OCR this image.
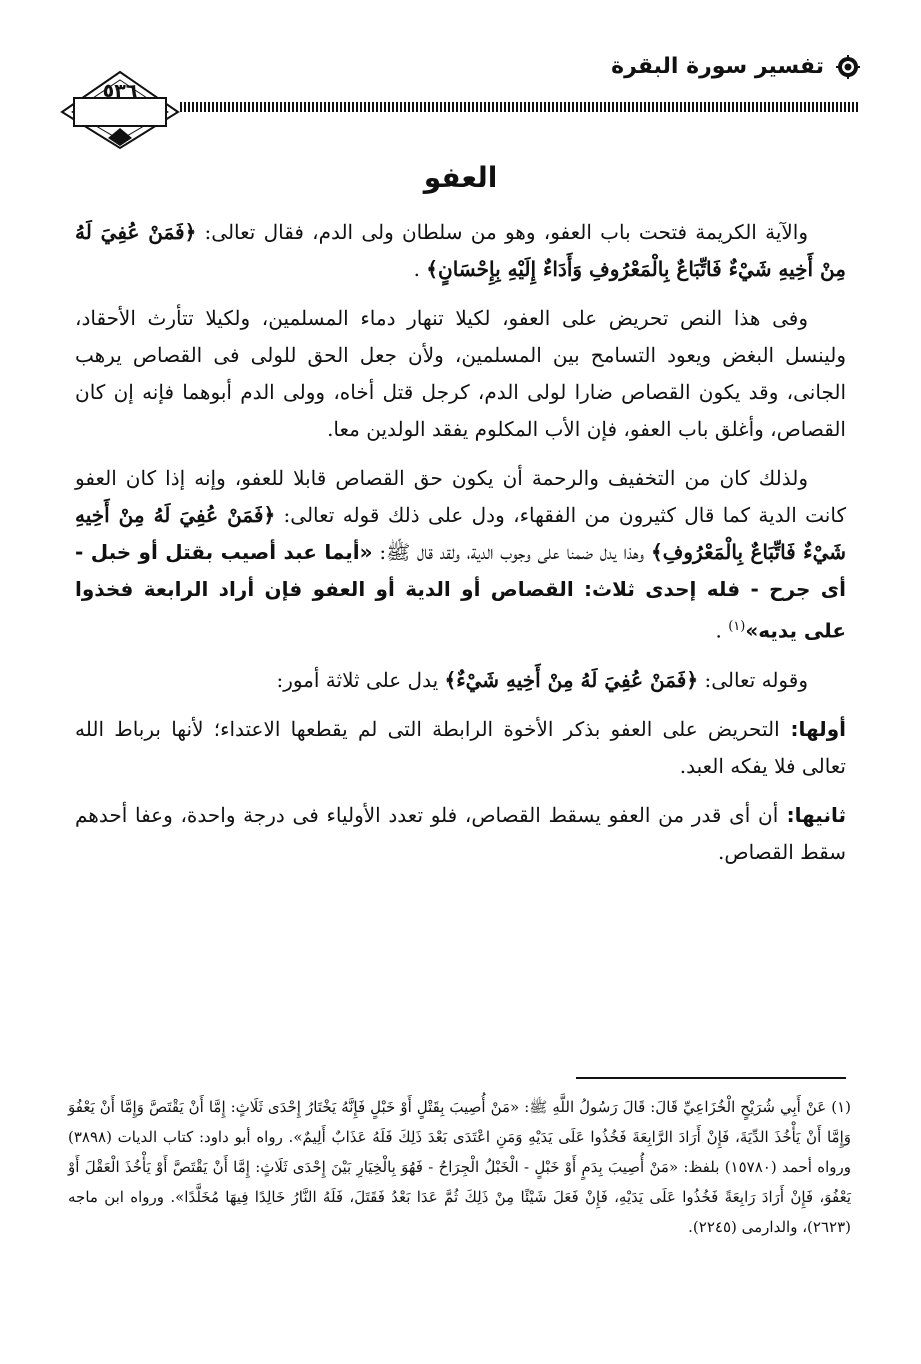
تفسير سورة البقرة
٥٣٦
العفو

والآية الكريمة فتحت باب العفو، وهو من سلطان ولى الدم، فقال تعالى: ﴿فَمَنْ عُفِيَ لَهُ مِنْ أَخِيهِ شَيْءٌ فَاتِّبَاعٌ بِالْمَعْرُوفِ وَأَدَاءٌ إِلَيْهِ بِإِحْسَانٍ﴾ .

وفى هذا النص تحريض على العفو، لكيلا تنهار دماء المسلمين، ولكيلا تتأرث الأحقاد، ولينسل البغض ويعود التسامح بين المسلمين، ولأن جعل الحق للولى فى القصاص يرهب الجانى، وقد يكون القصاص ضارا لولى الدم، كرجل قتل أخاه، وولى الدم أبوهما فإنه إن كان القصاص، وأغلق باب العفو، فإن الأب المكلوم يفقد الولدين معا.

ولذلك كان من التخفيف والرحمة أن يكون حق القصاص قابلا للعفو، وإنه إذا كان العفو كانت الدية كما قال كثيرون من الفقهاء، ودل على ذلك قوله تعالى: ﴿فَمَنْ عُفِيَ لَهُ مِنْ أَخِيهِ شَيْءٌ فَاتِّبَاعٌ بِالْمَعْرُوفِ﴾ وهذا يدل ضمنا على وجوب الدية، ولقد قال ﷺ: «أيما عبد أصيب بقتل أو خبل - أى جرح - فله إحدى ثلاث: القصاص أو الدية أو العفو فإن أراد الرابعة فخذوا على يديه»$^{(١)}$ .

وقوله تعالى: ﴿فَمَنْ عُفِيَ لَهُ مِنْ أَخِيهِ شَيْءٌ﴾ يدل على ثلاثة أمور:

أولها: التحريض على العفو بذكر الأخوة الرابطة التى لم يقطعها الاعتداء؛ لأنها برباط الله تعالى فلا يفكه العبد.

ثانيها: أن أى قدر من العفو يسقط القصاص، فلو تعدد الأولياء فى درجة واحدة، وعفا أحدهم سقط القصاص.

(١) عَنْ أَبِي شُرَيْحٍ الْخُزَاعِيِّ قَالَ: قَالَ رَسُولُ اللَّهِ ﷺ: «مَنْ أُصِيبَ بِقَتْلٍ أَوْ خَبْلٍ فَإِنَّهُ يَخْتَارُ إِحْدَى ثَلَاثٍ: إِمَّا أَنْ يَقْتَصَّ وَإِمَّا أَنْ يَعْفُوَ وَإِمَّا أَنْ يَأْخُذَ الدِّيَةَ، فَإِنْ أَرَادَ الرَّابِعَةَ فَخُذُوا عَلَى يَدَيْهِ وَمَنِ اعْتَدَى بَعْدَ ذَلِكَ فَلَهُ عَذَابٌ أَلِيمٌ». رواه أبو داود: كتاب الديات (٣٨٩٨) ورواه أحمد (١٥٧٨٠) بلفظ: «مَنْ أُصِيبَ بِدَمٍ أَوْ خَبْلٍ - الْخَبْلُ الْجِرَاحُ - فَهُوَ بِالْخِيَارِ بَيْنَ إِحْدَى ثَلَاثٍ: إِمَّا أَنْ يَقْتَصَّ أَوْ يَأْخُذَ الْعَقْلَ أَوْ يَعْفُوَ، فَإِنْ أَرَادَ رَابِعَةً فَخُذُوا عَلَى يَدَيْهِ، فَإِنْ فَعَلَ شَيْئًا مِنْ ذَلِكَ ثُمَّ عَدَا بَعْدُ فَقَتَلَ، فَلَهُ النَّارُ خَالِدًا فِيهَا مُخَلَّدًا». ورواه ابن ماجه (٢٦٢٣)، والدارمى (٢٢٤٥).
